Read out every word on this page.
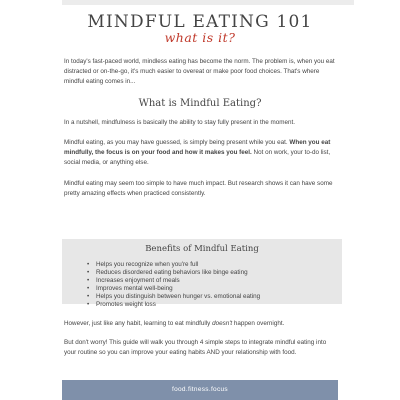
MINDFUL EATING 101
what is it?

In today's fast-paced world, mindless eating has become the norm. The problem is, when you eat distracted or on-the-go, it's much easier to overeat or make poor food choices. That's where mindful eating comes in...

What is Mindful Eating?

In a nutshell, mindfulness is basically the ability to stay fully present in the moment.

Mindful eating, as you may have guessed, is simply being present while you eat. When you eat mindfully, the focus is on your food and how it makes you feel. Not on work, your to-do list, social media, or anything else.

Mindful eating may seem too simple to have much impact. But research shows it can have some pretty amazing effects when practiced consistently.

Benefits of Mindful Eating
• Helps you recognize when you're full
• Reduces disordered eating behaviors like binge eating
• Increases enjoyment of meals
• Improves mental well-being
• Helps you distinguish between hunger vs. emotional eating
• Promotes weight loss

However, just like any habit, learning to eat mindfully doesn't happen overnight.

But don't worry! This guide will walk you through 4 simple steps to integrate mindful eating into your routine so you can improve your eating habits AND your relationship with food.

food.fitness.focus
